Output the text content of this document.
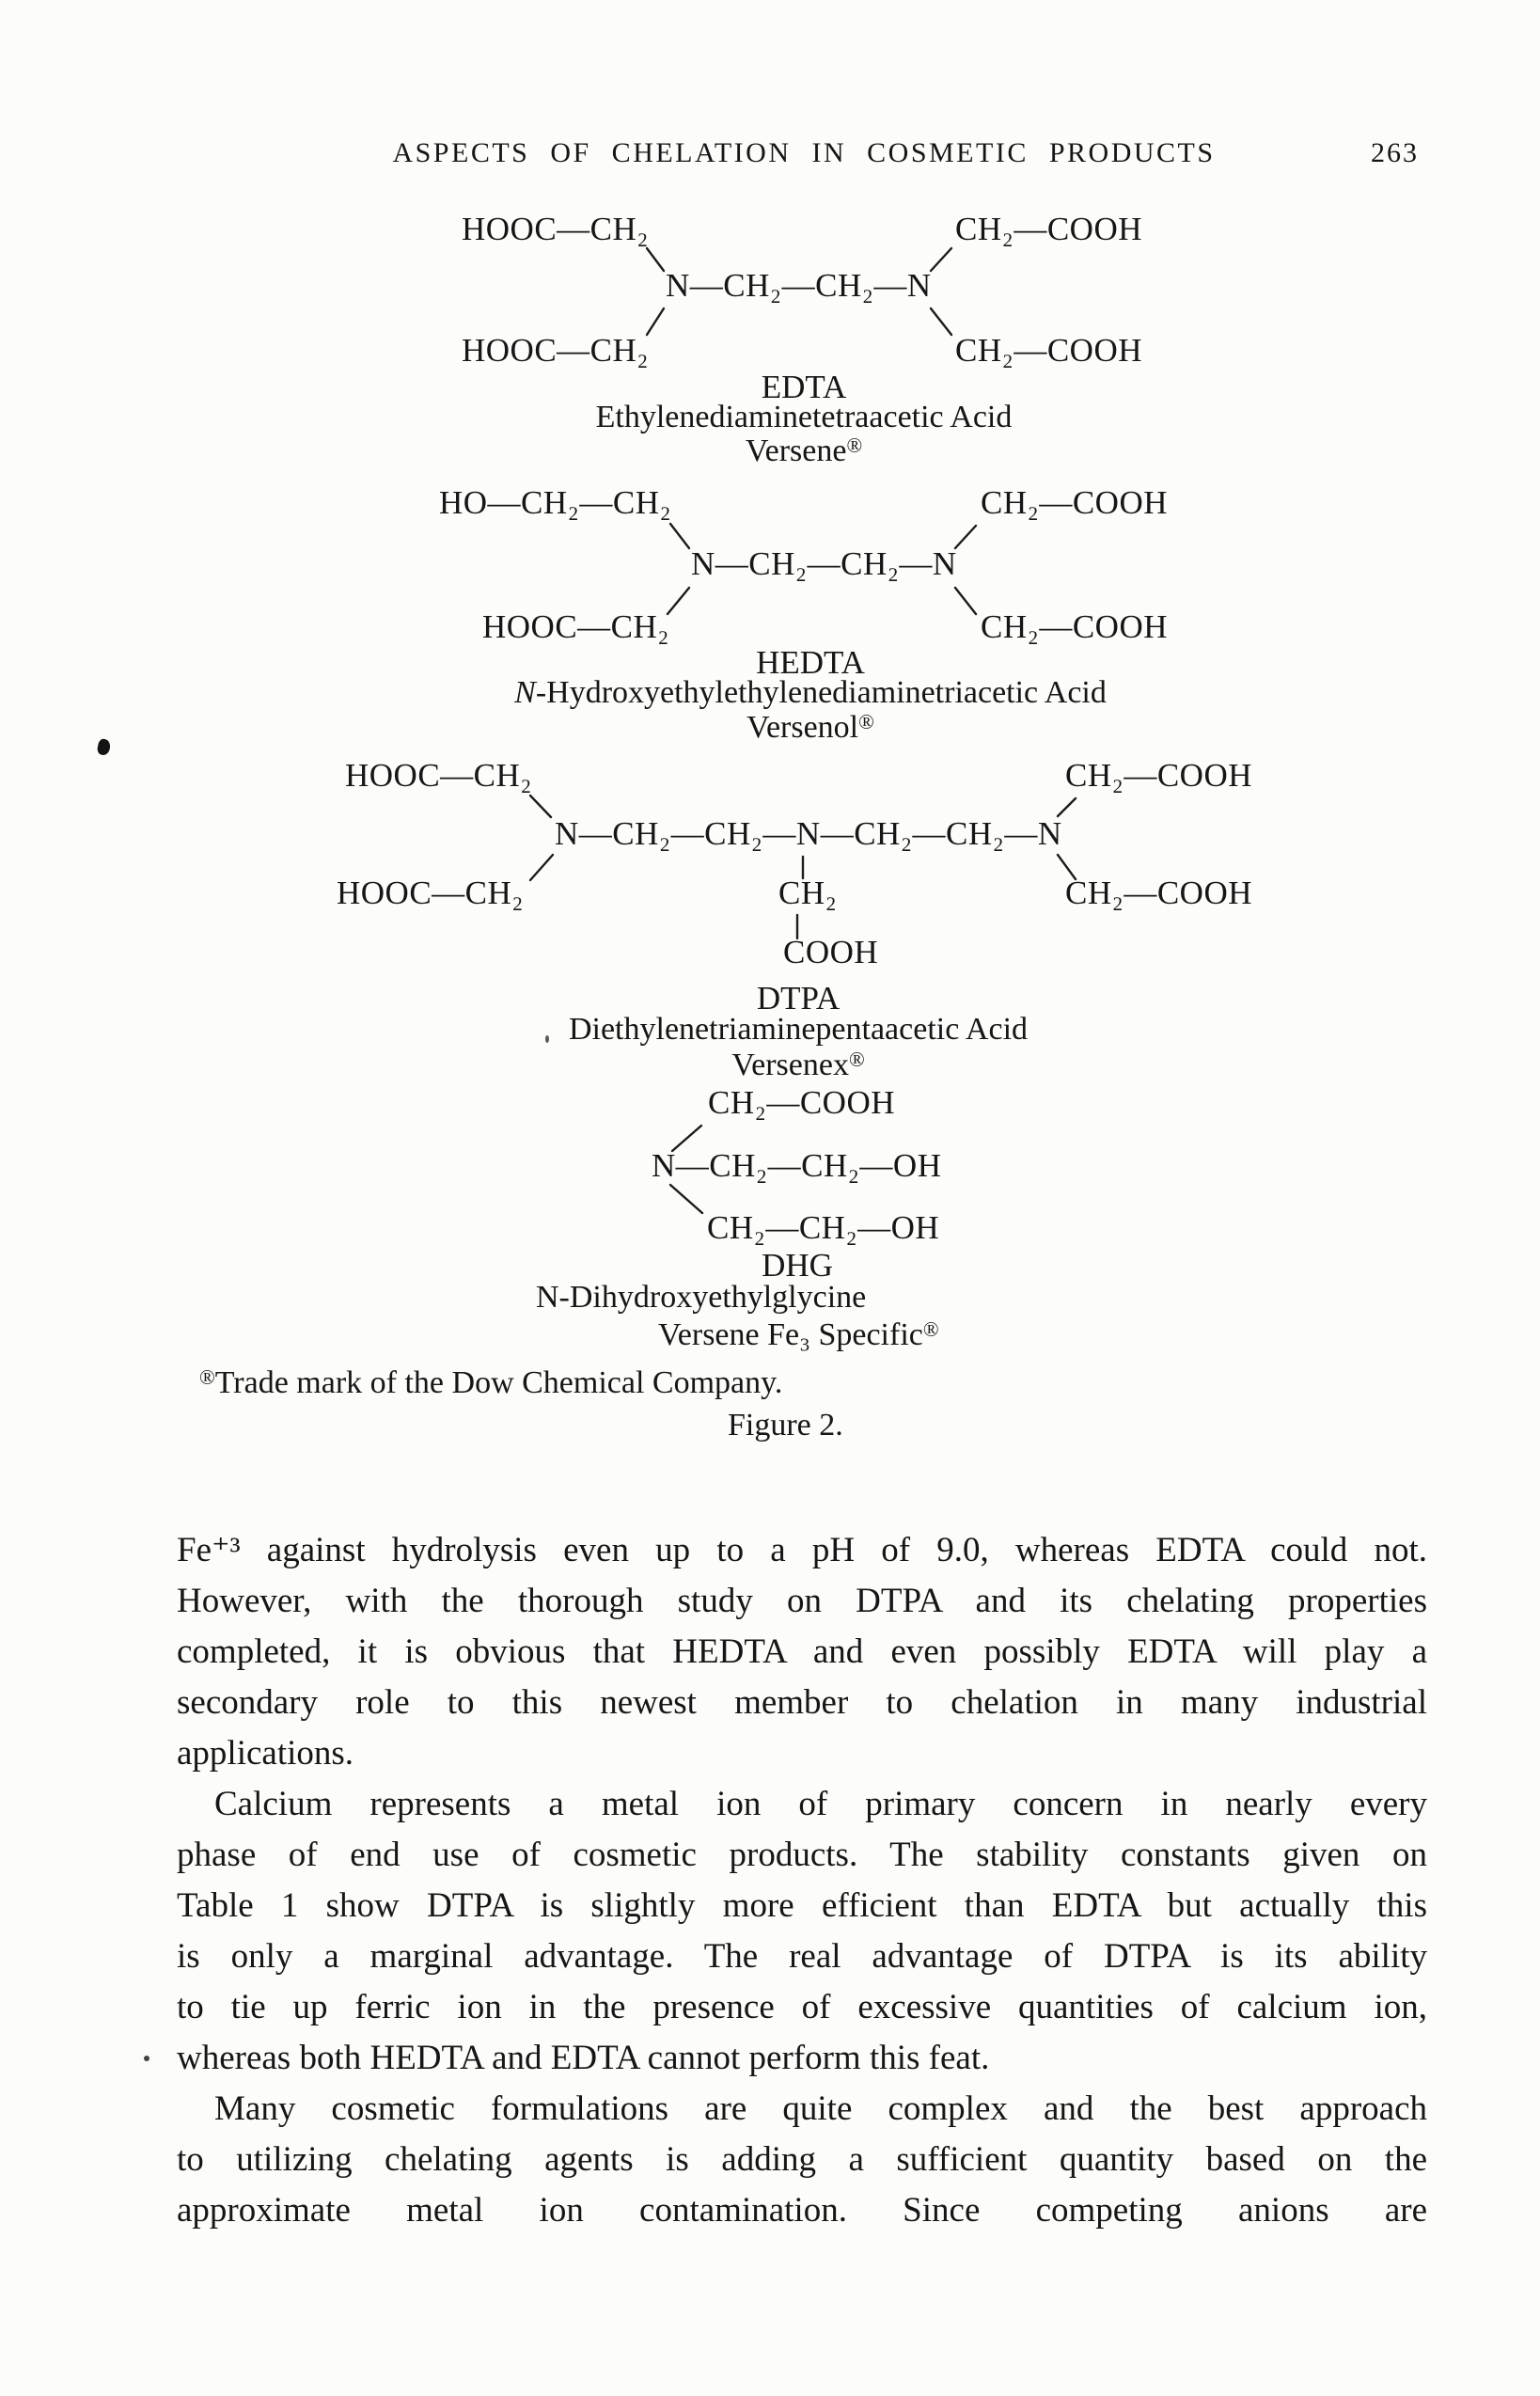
ASPECTS OF CHELATION IN COSMETIC PRODUCTS	263
HOOC—CH₂	CH₂—COOH
N—CH₂—CH₂—N
HOOC—CH₂	CH₂—COOH
EDTA
Ethylenediaminetetraacetic Acid
Versene®
HO—CH₂—CH₂	CH₂—COOH
N—CH₂—CH₂—N
HOOC—CH₂	CH₂—COOH
HEDTA
N-Hydroxyethylethylenediaminetriacetic Acid
Versenol®
HOOC—CH₂	CH₂—COOH
N—CH₂—CH₂—N—CH₂—CH₂—N
HOOC—CH₂	CH₂	CH₂—COOH
COOH
DTPA
Diethylenetriaminepentaacetic Acid
Versenex®
CH₂—COOH
N—CH₂—CH₂—OH
CH₂—CH₂—OH
DHG
N-Dihydroxyethylglycine
Versene Fe₃ Specific®
®Trade mark of the Dow Chemical Company.
Figure 2.
Fe⁺³ against hydrolysis even up to a pH of 9.0, whereas EDTA could not.
However, with the thorough study on DTPA and its chelating properties
completed, it is obvious that HEDTA and even possibly EDTA will play a
secondary role to this newest member to chelation in many industrial
applications.
Calcium represents a metal ion of primary concern in nearly every
phase of end use of cosmetic products. The stability constants given on
Table 1 show DTPA is slightly more efficient than EDTA but actually this
is only a marginal advantage. The real advantage of DTPA is its ability
to tie up ferric ion in the presence of excessive quantities of calcium ion,
whereas both HEDTA and EDTA cannot perform this feat.
Many cosmetic formulations are quite complex and the best approach
to utilizing chelating agents is adding a sufficient quantity based on the
approximate metal ion contamination. Since competing anions are
